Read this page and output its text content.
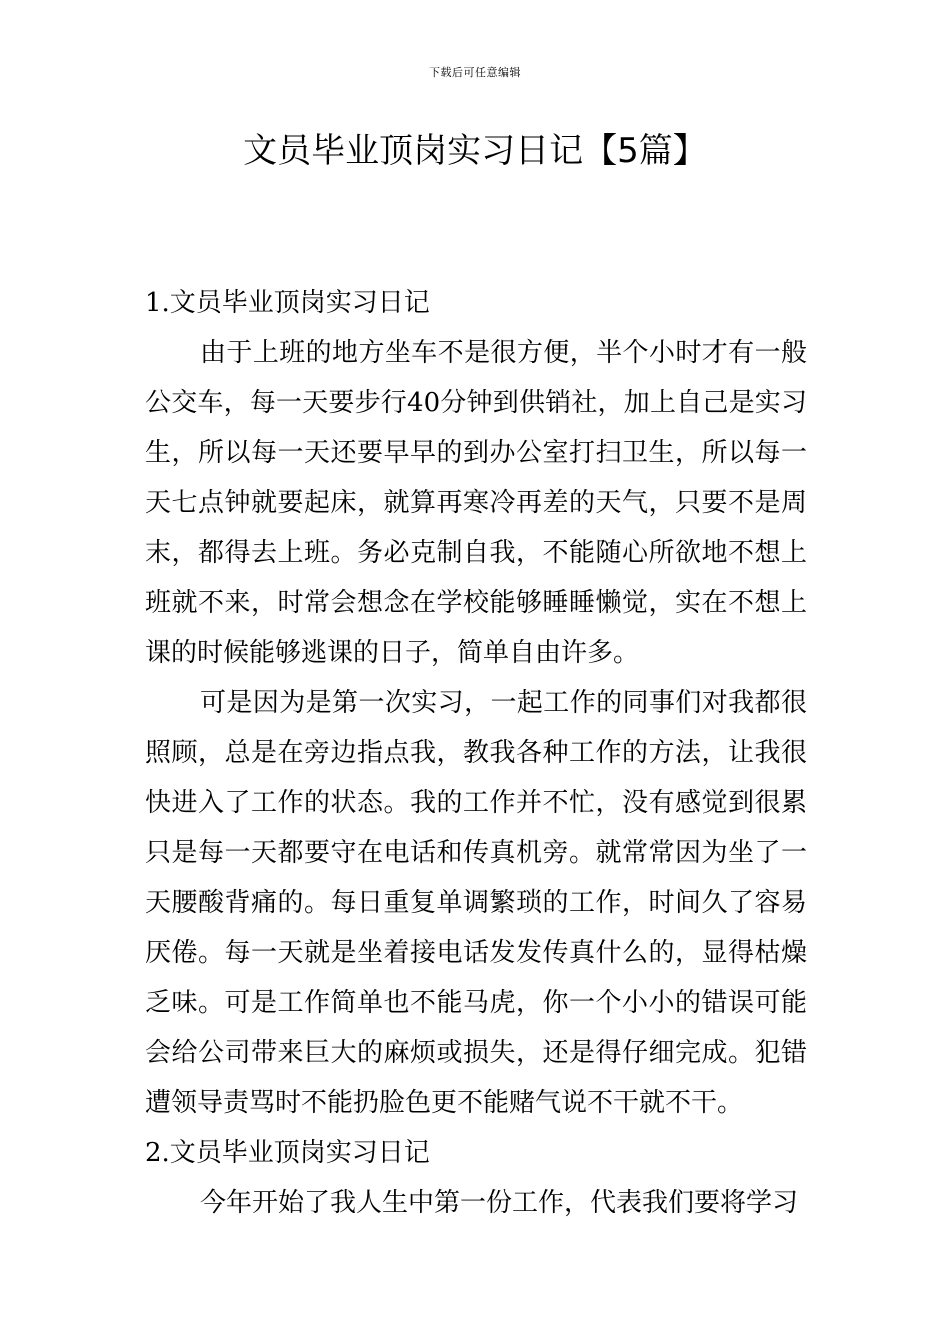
下载后可任意编辑
文员毕业顶岗实习日记【5篇】

1.文员毕业顶岗实习日记

由于上班的地方坐车不是很方便，半个小时才有一般公交车，每一天要步行40分钟到供销社，加上自己是实习生，所以每一天还要早早的到办公室打扫卫生，所以每一天七点钟就要起床，就算再寒冷再差的天气，只要不是周末，都得去上班。务必克制自我，不能随心所欲地不想上班就不来，时常会想念在学校能够睡睡懒觉，实在不想上课的时候能够逃课的日子，简单自由许多。

可是因为是第一次实习，一起工作的同事们对我都很照顾，总是在旁边指点我，教我各种工作的方法，让我很快进入了工作的状态。我的工作并不忙，没有感觉到很累只是每一天都要守在电话和传真机旁。就常常因为坐了一天腰酸背痛的。每日重复单调繁琐的工作，时间久了容易厌倦。每一天就是坐着接电话发发传真什么的，显得枯燥乏味。可是工作简单也不能马虎，你一个小小的错误可能会给公司带来巨大的麻烦或损失，还是得仔细完成。犯错遭领导责骂时不能扔脸色更不能赌气说不干就不干。

2.文员毕业顶岗实习日记

今年开始了我人生中第一份工作，代表我们要将学习
